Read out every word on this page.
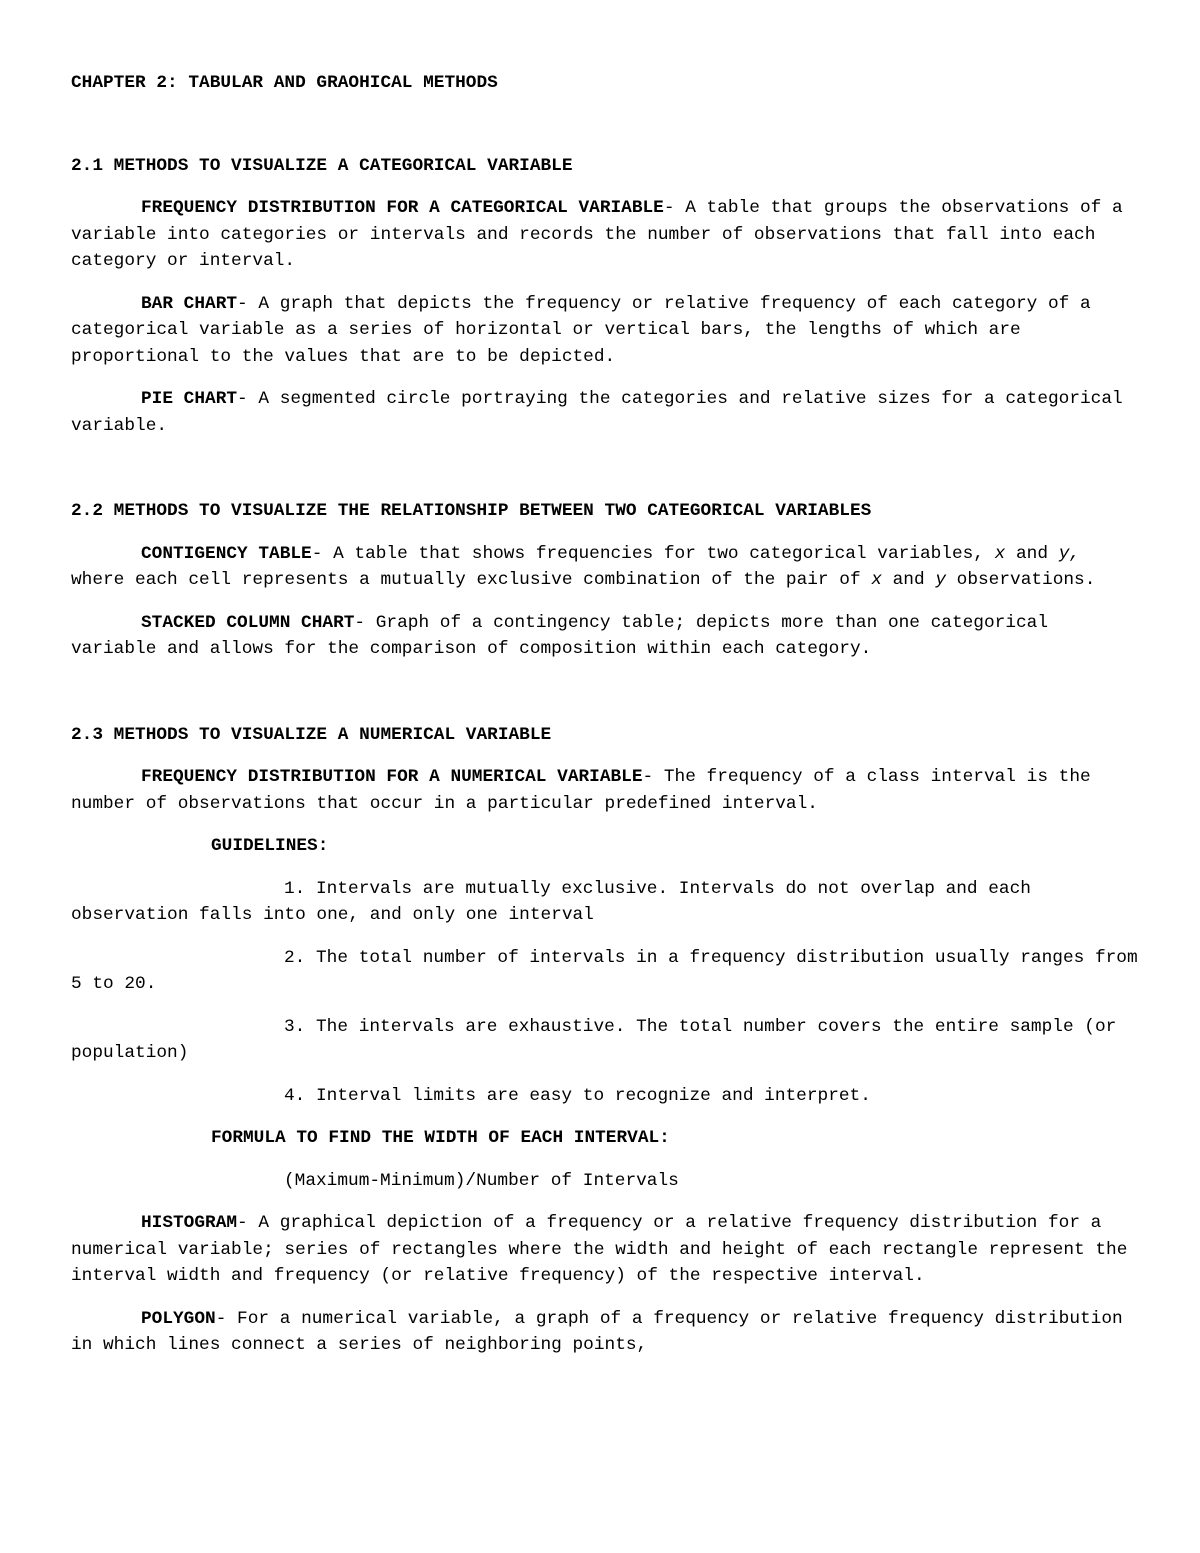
CHAPTER 2: TABULAR AND GRAOHICAL METHODS
2.1 METHODS TO VISUALIZE A CATEGORICAL VARIABLE

FREQUENCY DISTRIBUTION FOR A CATEGORICAL VARIABLE- A table that groups the observations of a variable into categories or intervals and records the number of observations that fall into each category or interval.

BAR CHART- A graph that depicts the frequency or relative frequency of each category of a categorical variable as a series of horizontal or vertical bars, the lengths of which are proportional to the values that are to be depicted.

PIE CHART- A segmented circle portraying the categories and relative sizes for a categorical variable.

2.2 METHODS TO VISUALIZE THE RELATIONSHIP BETWEEN TWO CATEGORICAL VARIABLES

CONTIGENCY TABLE- A table that shows frequencies for two categorical variables, x and y, where each cell represents a mutually exclusive combination of the pair of x and y observations.

STACKED COLUMN CHART- Graph of a contingency table; depicts more than one categorical variable and allows for the comparison of composition within each category.

2.3 METHODS TO VISUALIZE A NUMERICAL VARIABLE

FREQUENCY DISTRIBUTION FOR A NUMERICAL VARIABLE- The frequency of a class interval is the number of observations that occur in a particular predefined interval.

GUIDELINES:

1. Intervals are mutually exclusive. Intervals do not overlap and each observation falls into one, and only one interval

2. The total number of intervals in a frequency distribution usually ranges from 5 to 20.

3. The intervals are exhaustive. The total number covers the entire sample (or population)

4. Interval limits are easy to recognize and interpret.

FORMULA TO FIND THE WIDTH OF EACH INTERVAL:
(Maximum-Minimum)/Number of Intervals

HISTOGRAM- A graphical depiction of a frequency or a relative frequency distribution for a numerical variable; series of rectangles where the width and height of each rectangle represent the interval width and frequency (or relative frequency) of the respective interval.

POLYGON- For a numerical variable, a graph of a frequency or relative frequency distribution in which lines connect a series of neighboring points,
